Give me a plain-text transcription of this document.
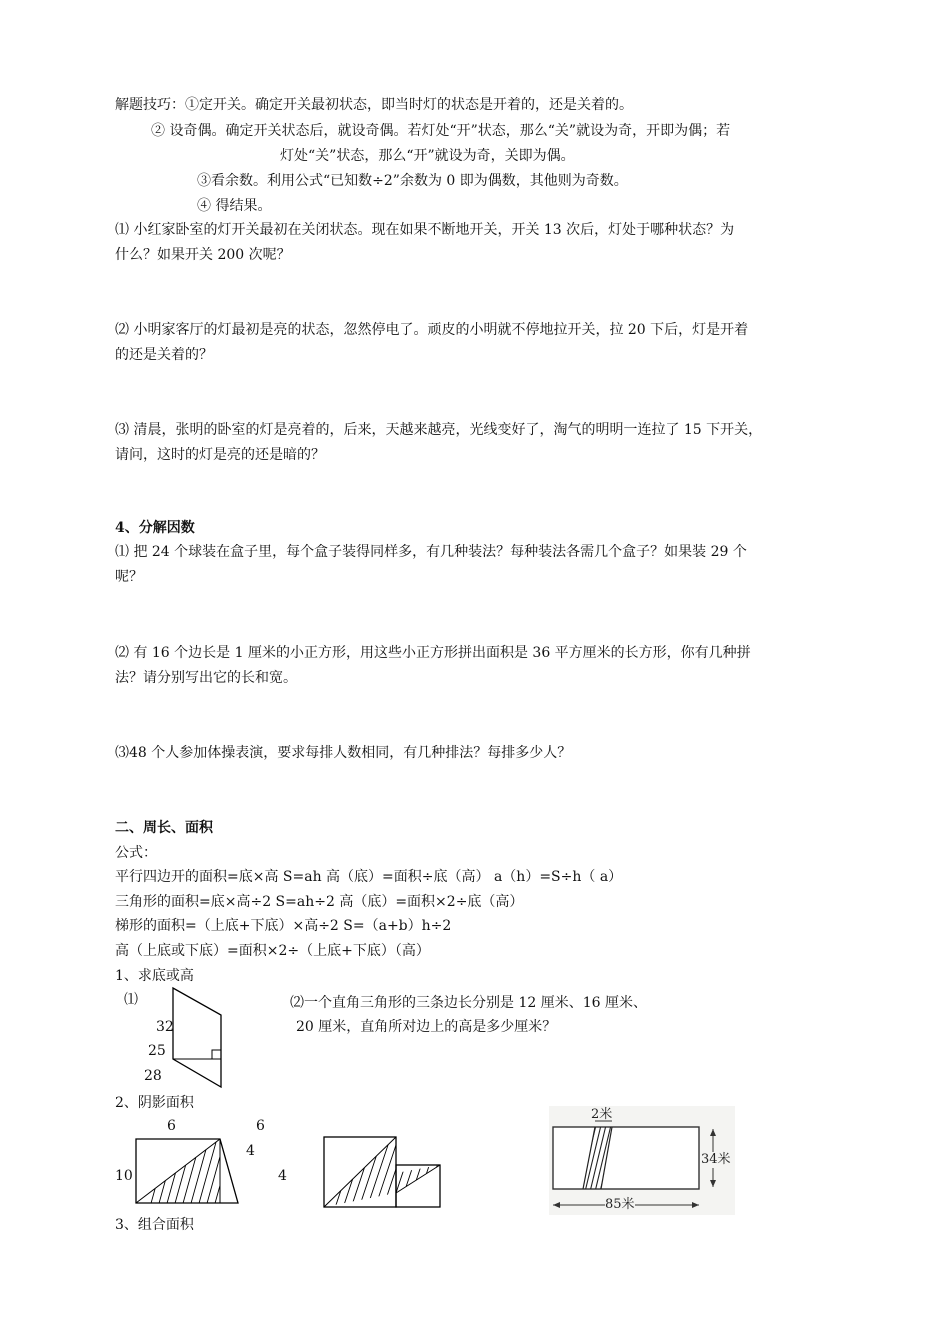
解题技巧：①定开关。确定开关最初状态，即当时灯的状态是开着的，还是关着的。
② 设奇偶。确定开关状态后，就设奇偶。若灯处“开”状态，那么“关”就设为奇，开即为偶；若
灯处“关”状态，那么“开”就设为奇，关即为偶。
③看余数。利用公式“已知数÷2”余数为 0 即为偶数，其他则为奇数。
④ 得结果。
⑴ 小红家卧室的灯开关最初在关闭状态。现在如果不断地开关，开关 13 次后，灯处于哪种状态？为
什么？如果开关 200 次呢？
⑵ 小明家客厅的灯最初是亮的状态，忽然停电了。顽皮的小明就不停地拉开关，拉 20 下后，灯是开着
的还是关着的？
⑶ 清晨，张明的卧室的灯是亮着的，后来，天越来越亮，光线变好了，淘气的明明一连拉了 15 下开关，
请问，这时的灯是亮的还是暗的？
4、分解因数
⑴ 把 24 个球装在盒子里，每个盒子装得同样多，有几种装法？每种装法各需几个盒子？如果装 29 个
呢？
⑵ 有 16 个边长是 1 厘米的小正方形，用这些小正方形拼出面积是 36 平方厘米的长方形，你有几种拼
法？请分别写出它的长和宽。
⑶48 个人参加体操表演，要求每排人数相同，有几种排法？每排多少人？
二、周长、面积
公式：
平行四边开的面积=底×高 S=ah 高（底）=面积÷底（高） a（h）=S÷h（ a）
三角形的面积=底×高÷2 S=ah÷2 高（底）=面积×2÷底（高）
梯形的面积=（上底+下底）×高÷2 S=（a+b）h÷2
高（上底或下底）=面积×2÷（上底+下底）（高）
1、求底或高
⑴
32
25
28
⑵一个直角三角形的三条边长分别是 12 厘米、16 厘米、
20 厘米，直角所对边上的高是多少厘米？
2、阴影面积
6
10
6
4
4
2米
34米
85米
3、组合面积
